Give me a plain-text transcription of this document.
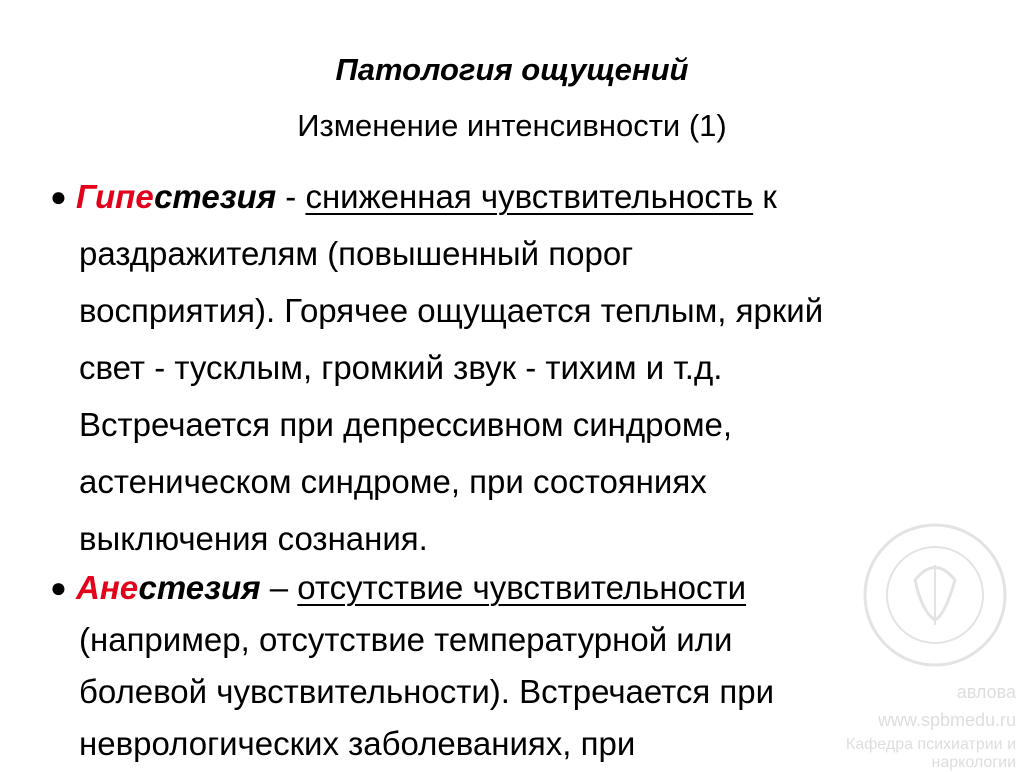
Патология ощущений
Изменение интенсивности (1)
● Гипестезия - сниженная чувствительность к
раздражителям (повышенный порог
восприятия). Горячее ощущается теплым, яркий
свет - тусклым, громкий звук - тихим и т.д.
Встречается при депрессивном синдроме,
астеническом синдроме, при состояниях
выключения сознания.
● Анестезия – отсутствие чувствительности
(например, отсутствие температурной или
болевой чувствительности). Встречается при
неврологических заболеваниях, при
авлова
www.spbmedu.ru
Кафедра психиатрии и наркологии
